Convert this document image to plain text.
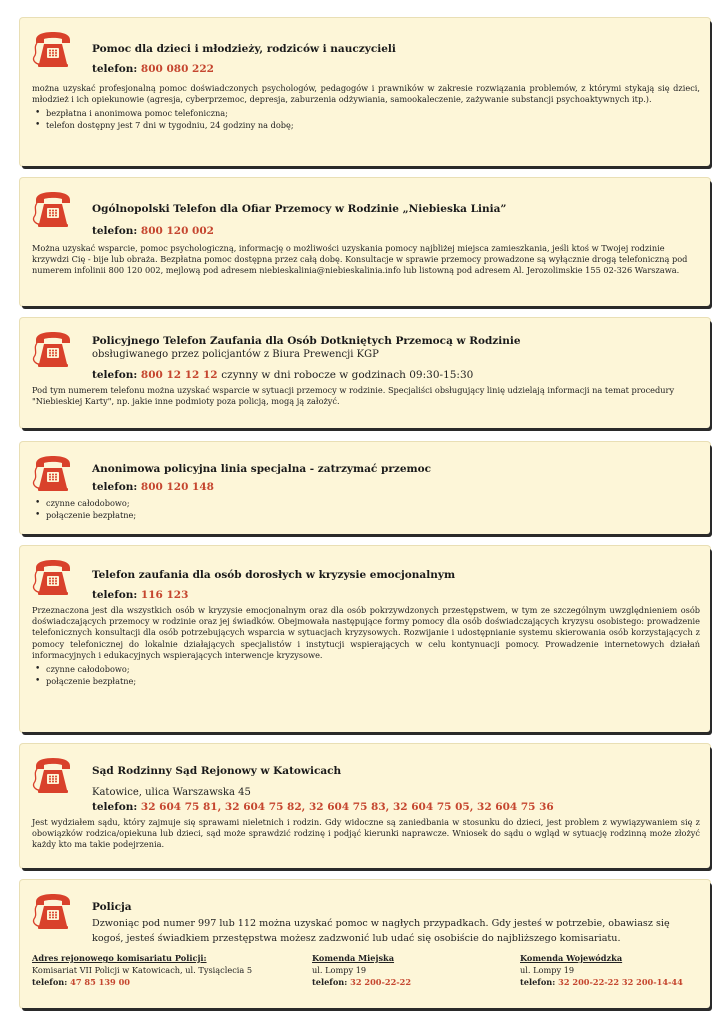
Pomoc dla dzieci i młodzieży, rodziców i nauczycieli
telefon: 800 080 222
można uzyskać profesjonalną pomoc doświadczonych psychologów, pedagogów i prawników w zakresie rozwiązania problemów, z którymi stykają się dzieci, młodzież i ich opiekunowie (agresja, cyberprzemoc, depresja, zaburzenia odżywiania, samookaleczenie, zażywanie substancji psychoaktywnych itp.).
• bezpłatna i anonimowa pomoc telefoniczna;
• telefon dostępny jest 7 dni w tygodniu, 24 godziny na dobę;
Ogólnopolski Telefon dla Ofiar Przemocy w Rodzinie „Niebieska Linia”
telefon: 800 120 002
Można uzyskać wsparcie, pomoc psychologiczną, informację o możliwości uzyskania pomocy najbliżej miejsca zamieszkania, jeśli ktoś w Twojej rodzinie krzywdzi Cię - bije lub obraża. Bezpłatna pomoc dostępna przez całą dobę. Konsultacje w sprawie przemocy prowadzone są wyłącznie drogą telefoniczną pod numerem infolinii 800 120 002, mejlową pod adresem niebieskalinia@niebieskalinia.info lub listowną pod adresem Al. Jerozolimskie 155 02-326 Warszawa.
Policyjnego Telefon Zaufania dla Osób Dotkniętych Przemocą w Rodzinie
obsługiwanego przez policjantów z Biura Prewencji KGP
telefon: 800 12 12 12 czynny w dni robocze w godzinach 09:30-15:30
Pod tym numerem telefonu można uzyskać wsparcie w sytuacji przemocy w rodzinie. Specjaliści obsługujący linię udzielają informacji na temat procedury "Niebieskiej Karty", np. jakie inne podmioty poza policją, mogą ją założyć.
Anonimowa policyjna linia specjalna - zatrzymać przemoc
telefon: 800 120 148
• czynne całodobowo;
• połączenie bezpłatne;
Telefon zaufania dla osób dorosłych w kryzysie emocjonalnym
telefon: 116 123
Przeznaczona jest dla wszystkich osób w kryzysie emocjonalnym oraz dla osób pokrzywdzonych przestępstwem, w tym ze szczególnym uwzględnieniem osób doświadczających przemocy w rodzinie oraz jej świadków. Obejmowała następujące formy pomocy dla osób doświadczających kryzysu osobistego: prowadzenie telefonicznych konsultacji dla osób potrzebujących wsparcia w sytuacjach kryzysowych. Rozwijanie i udostępnianie systemu skierowania osób korzystających z pomocy telefonicznej do lokalnie działających specjalistów i instytucji wspierających w celu kontynuacji pomocy. Prowadzenie internetowych działań informacyjnych i edukacyjnych wspierających interwencje kryzysowe.
• czynne całodobowo;
• połączenie bezpłatne;
Sąd Rodzinny Sąd Rejonowy w Katowicach
Katowice, ulica Warszawska 45
telefon: 32 604 75 81, 32 604 75 82, 32 604 75 83, 32 604 75 05, 32 604 75 36
Jest wydziałem sądu, który zajmuje się sprawami nieletnich i rodzin. Gdy widoczne są zaniedbania w stosunku do dzieci, jest problem z wywiązywaniem się z obowiązków rodzica/opiekuna lub dzieci, sąd może sprawdzić rodzinę i podjąć kierunki naprawcze. Wniosek do sądu o wgląd w sytuację rodzinną może złożyć każdy kto ma takie podejrzenia.
Policja
Dzwoniąc pod numer 997 lub 112 można uzyskać pomoc w nagłych przypadkach. Gdy jesteś w potrzebie, obawiasz się kogoś, jesteś świadkiem przestępstwa możesz zadzwonić lub udać się osobiście do najbliższego komisariatu.
Adres rejonowego komisariatu Policji:
Komisariat VII Policji w Katowicach, ul. Tysiąclecia 5
telefon: 47 85 139 00
Komenda Miejska
ul. Lompy 19
telefon: 32 200-22-22
Komenda Wojewódzka
ul. Lompy 19
telefon: 32 200-22-22 32 200-14-44
